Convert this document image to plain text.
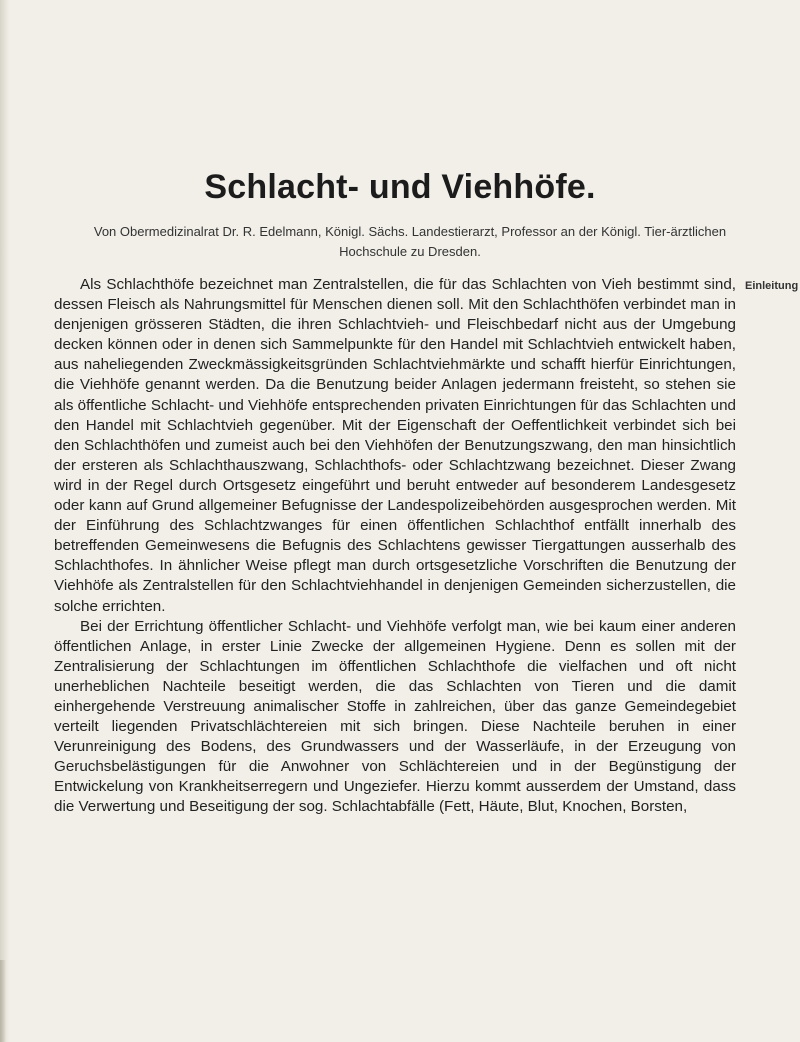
Schlacht- und Viehhöfe.
Von Obermedizinalrat Dr. R. Edelmann, Königl. Sächs. Landestierarzt, Professor an der Königl. Tier-ärztlichen Hochschule zu Dresden.
Einleitung

Als Schlachthöfe bezeichnet man Zentralstellen, die für das Schlachten von Vieh bestimmt sind, dessen Fleisch als Nahrungsmittel für Menschen dienen soll. Mit den Schlachthöfen verbindet man in denjenigen grösseren Städten, die ihren Schlachtvieh- und Fleischbedarf nicht aus der Umgebung decken können oder in denen sich Sammelpunkte für den Handel mit Schlachtvieh entwickelt haben, aus naheliegenden Zweckmässigkeitsgründen Schlachtviehmärkte und schafft hierfür Einrichtungen, die Viehhöfe genannt werden. Da die Benutzung beider Anlagen jedermann freisteht, so stehen sie als öffentliche Schlacht- und Viehhöfe entsprechenden privaten Einrichtungen für das Schlachten und den Handel mit Schlachtvieh gegenüber. Mit der Eigenschaft der Oeffentlichkeit verbindet sich bei den Schlachthöfen und zumeist auch bei den Viehhöfen der Benutzungszwang, den man hinsichtlich der ersteren als Schlachthauszwang, Schlachthofs- oder Schlachtzwang bezeichnet. Dieser Zwang wird in der Regel durch Ortsgesetz eingeführt und beruht entweder auf besonderem Landesgesetz oder kann auf Grund allgemeiner Befugnisse der Landespolizeibehörden ausgesprochen werden. Mit der Einführung des Schlachtzwanges für einen öffentlichen Schlachthof entfällt innerhalb des betreffenden Gemeinwesens die Befugnis des Schlachtens gewisser Tiergattungen ausserhalb des Schlachthofes. In ähnlicher Weise pflegt man durch ortsgesetzliche Vorschriften die Benutzung der Viehhöfe als Zentralstellen für den Schlachtviehhandel in denjenigen Gemeinden sicherzustellen, die solche errichten.

Bei der Errichtung öffentlicher Schlacht- und Viehhöfe verfolgt man, wie bei kaum einer anderen öffentlichen Anlage, in erster Linie Zwecke der allgemeinen Hygiene. Denn es sollen mit der Zentralisierung der Schlachtungen im öffentlichen Schlachthofe die vielfachen und oft nicht unerheblichen Nachteile beseitigt werden, die das Schlachten von Tieren und die damit einhergehende Verstreuung animalischer Stoffe in zahlreichen, über das ganze Gemeindegebiet verteilt liegenden Privatschlächtereien mit sich bringen. Diese Nachteile beruhen in einer Verunreinigung des Bodens, des Grundwassers und der Wasserläufe, in der Erzeugung von Geruchsbelästigungen für die Anwohner von Schlächtereien und in der Begünstigung der Entwickelung von Krankheitserregern und Ungeziefer. Hierzu kommt ausserdem der Umstand, dass die Verwertung und Beseitigung der sog. Schlachtabfälle (Fett, Häute, Blut, Knochen, Borsten,
